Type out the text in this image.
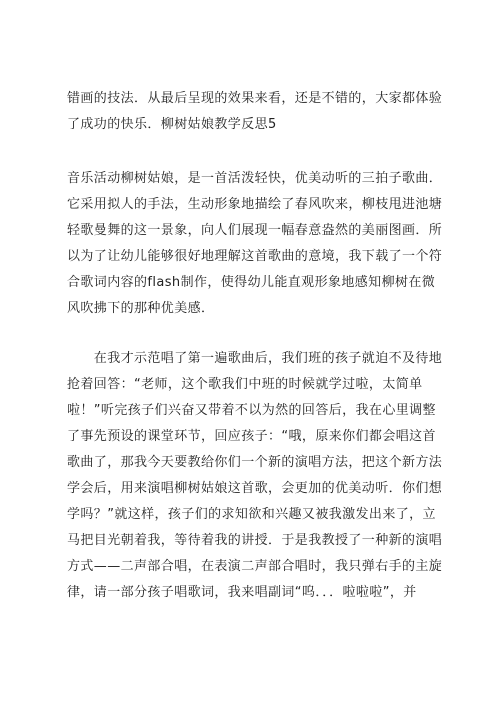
错画的技法．从最后呈现的效果来看，还是不错的，大家都体验
了成功的快乐．柳树姑娘教学反思5
音乐活动柳树姑娘，是一首活泼轻快，优美动听的三拍子歌曲．
它采用拟人的手法，生动形象地描绘了春风吹来，柳枝甩进池塘
轻歌曼舞的这一景象，向人们展现一幅春意盎然的美丽图画．所
以为了让幼儿能够很好地理解这首歌曲的意境，我下载了一个符
合歌词内容的flash制作，使得幼儿能直观形象地感知柳树在微
风吹拂下的那种优美感．
　　在我才示范唱了第一遍歌曲后，我们班的孩子就迫不及待地
抢着回答：“老师，这个歌我们中班的时候就学过啦，太简单
啦！”听完孩子们兴奋又带着不以为然的回答后，我在心里调整
了事先预设的课堂环节，回应孩子：“哦，原来你们都会唱这首
歌曲了，那我今天要教给你们一个新的演唱方法，把这个新方法
学会后，用来演唱柳树姑娘这首歌，会更加的优美动听．你们想
学吗？”就这样，孩子们的求知欲和兴趣又被我激发出来了，立
马把目光朝着我，等待着我的讲授．于是我教授了一种新的演唱
方式——二声部合唱，在表演二声部合唱时，我只弹右手的主旋
律，请一部分孩子唱歌词，我来唱副词“呜．．．啦啦啦”，并
